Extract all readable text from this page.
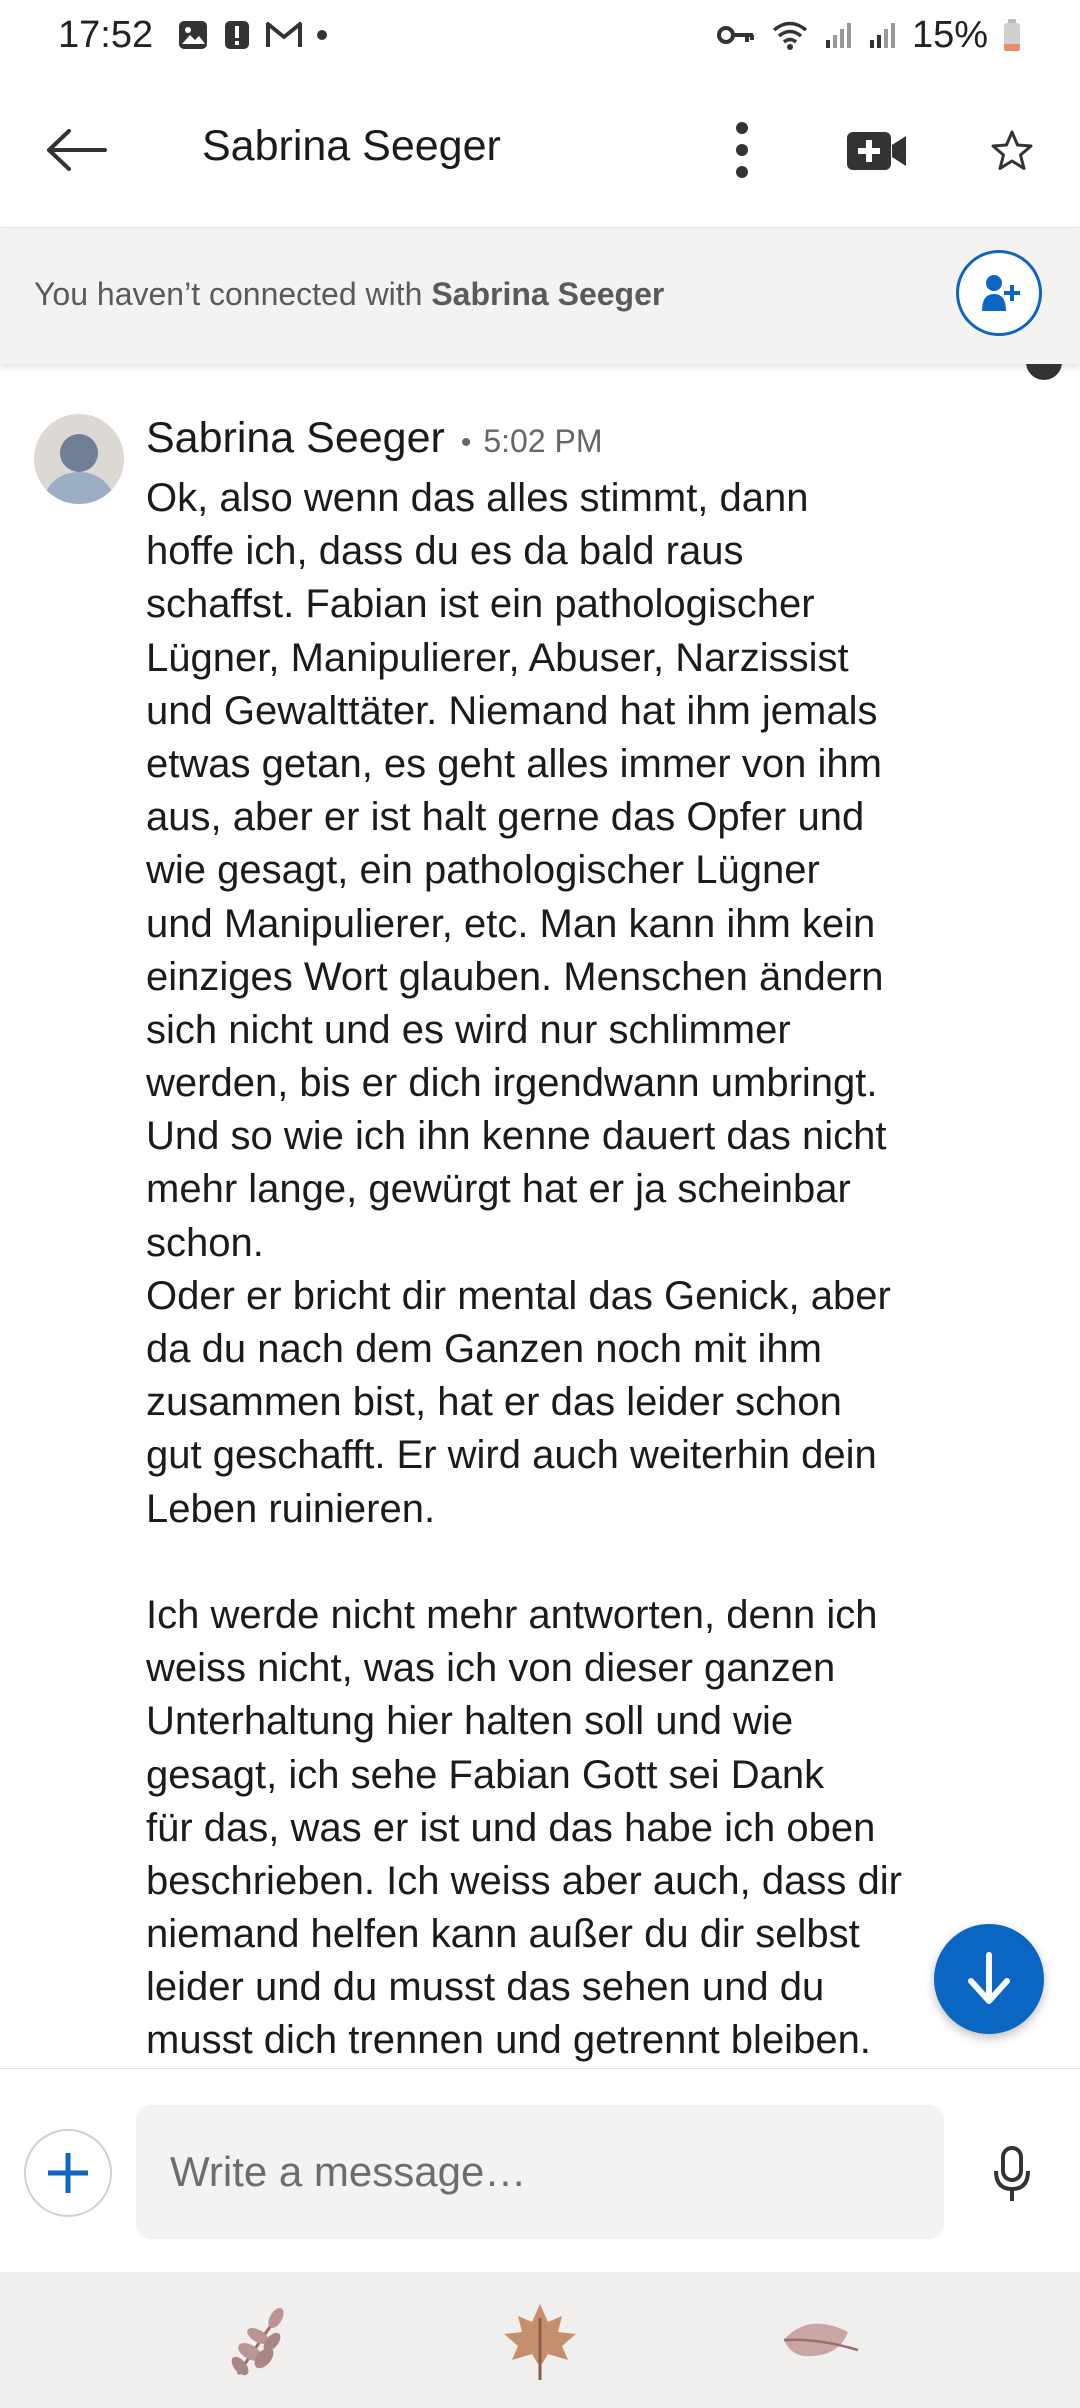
17:52	15%
Sabrina Seeger
You haven’t connected with Sabrina Seeger
Sabrina Seeger • 5:02 PM
Ok, also wenn das alles stimmt, dann
hoffe ich, dass du es da bald raus
schaffst. Fabian ist ein pathologischer
Lügner, Manipulierer, Abuser, Narzissist
und Gewalttäter. Niemand hat ihm jemals
etwas getan, es geht alles immer von ihm
aus, aber er ist halt gerne das Opfer und
wie gesagt, ein pathologischer Lügner
und Manipulierer, etc. Man kann ihm kein
einziges Wort glauben. Menschen ändern
sich nicht und es wird nur schlimmer
werden, bis er dich irgendwann umbringt.
Und so wie ich ihn kenne dauert das nicht
mehr lange, gewürgt hat er ja scheinbar
schon.
Oder er bricht dir mental das Genick, aber
da du nach dem Ganzen noch mit ihm
zusammen bist, hat er das leider schon
gut geschafft. Er wird auch weiterhin dein
Leben ruinieren.
Ich werde nicht mehr antworten, denn ich
weiss nicht, was ich von dieser ganzen
Unterhaltung hier halten soll und wie
gesagt, ich sehe Fabian Gott sei Dank
für das, was er ist und das habe ich oben
beschrieben. Ich weiss aber auch, dass dir
niemand helfen kann außer du dir selbst
leider und du musst das sehen und du
musst dich trennen und getrennt bleiben.
Write a message…
